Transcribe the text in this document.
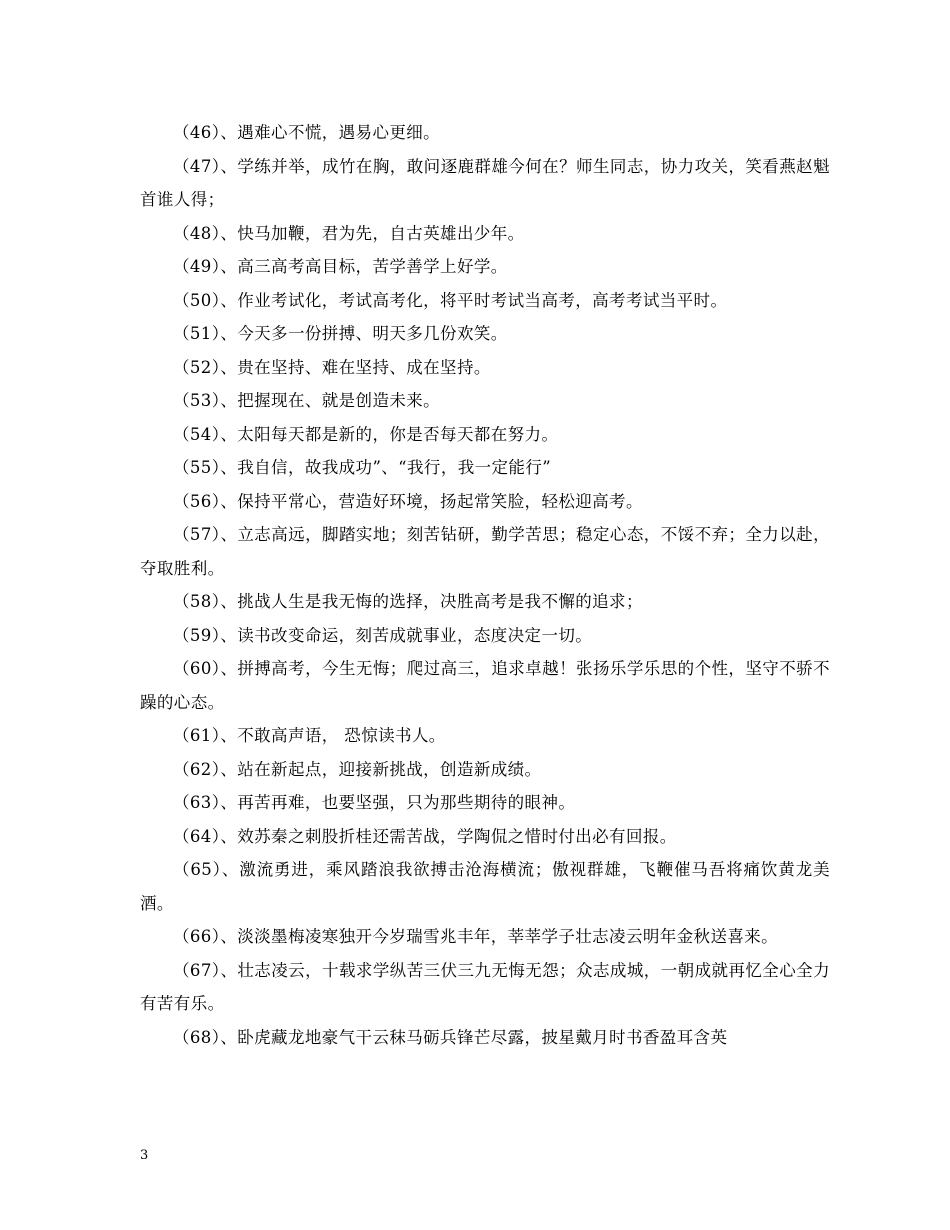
（46）、遇难心不慌，遇易心更细。

（47）、学练并举，成竹在胸，敢问逐鹿群雄今何在？师生同志，协力攻关，笑看燕赵魁首谁人得；

（48）、快马加鞭，君为先，自古英雄出少年。

（49）、高三高考高目标，苦学善学上好学。

（50）、作业考试化，考试高考化，将平时考试当高考，高考考试当平时。

（51）、今天多一份拼搏、明天多几份欢笑。

（52）、贵在坚持、难在坚持、成在坚持。

（53）、把握现在、就是创造未来。

（54）、太阳每天都是新的，你是否每天都在努力。

（55）、我自信，故我成功”、“我行，我一定能行”

（56）、保持平常心，营造好环境，扬起常笑脸，轻松迎高考。

（57）、立志高远，脚踏实地；刻苦钻研，勤学苦思；稳定心态，不馁不弃；全力以赴，夺取胜利。

（58）、挑战人生是我无悔的选择，决胜高考是我不懈的追求；

（59）、读书改变命运，刻苦成就事业，态度决定一切。

（60）、拼搏高考，今生无悔；爬过高三，追求卓越！张扬乐学乐思的个性，坚守不骄不躁的心态。

（61）、不敢高声语， 恐惊读书人。

（62）、站在新起点，迎接新挑战，创造新成绩。

（63）、再苦再难，也要坚强，只为那些期待的眼神。

（64）、效苏秦之刺股折桂还需苦战，学陶侃之惜时付出必有回报。

（65）、激流勇进，乘风踏浪我欲搏击沧海横流；傲视群雄，飞鞭催马吾将痛饮黄龙美酒。

（66）、淡淡墨梅凌寒独开今岁瑞雪兆丰年，莘莘学子壮志凌云明年金秋送喜来。

（67）、壮志凌云，十载求学纵苦三伏三九无悔无怨；众志成城，一朝成就再忆全心全力有苦有乐。

（68）、卧虎藏龙地豪气干云秣马砺兵锋芒尽露，披星戴月时书香盈耳含英

3
